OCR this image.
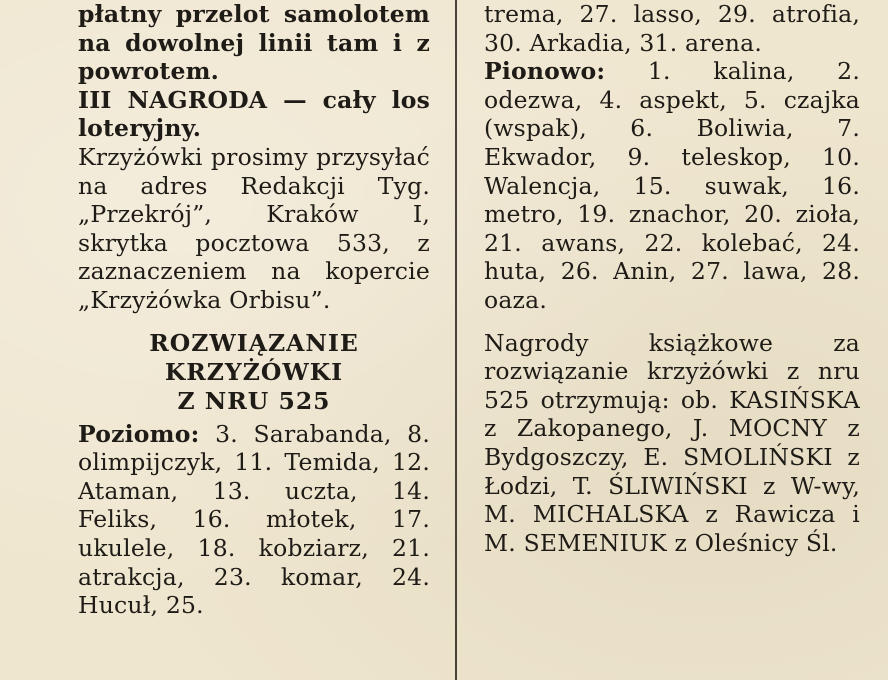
płatny przelot samolotem na dowolnej linii tam i z powrotem.

III NAGRODA — cały los loteryjny.

Krzyżówki prosimy przysyłać na adres Redakcji Tyg. „Przekrój”, Kraków I, skrytka pocztowa 533, z zaznaczeniem na kopercie „Krzyżówka Orbisu”.

ROZWIĄZANIE
KRZYŻÓWKI
Z NRU 525

Poziomo: 3. Sarabanda, 8. olimpijczyk, 11. Temida, 12. Ataman, 13. uczta, 14. Feliks, 16. młotek, 17. ukulele, 18. kobziarz, 21. atrakcja, 23. komar, 24. Hucuł, 25.

trema, 27. lasso, 29. atrofia, 30. Arkadia, 31. arena.

Pionowo: 1. kalina, 2. odezwa, 4. aspekt, 5. czajka (wspak), 6. Boliwia, 7. Ekwador, 9. teleskop, 10. Walencja, 15. suwak, 16. metro, 19. znachor, 20. zioła, 21. awans, 22. kolebać, 24. huta, 26. Anin, 27. lawa, 28. oaza.

Nagrody książkowe za rozwiązanie krzyżówki z nru 525 otrzymują: ob. KASIŃSKA z Zakopanego, J. MOCNY z Bydgoszczy, E. SMOLIŃSKI z Łodzi, T. ŚLIWIŃSKI z W-wy, M. MICHALSKA z Rawicza i M. SEMENIUK z Oleśnicy Śl.
